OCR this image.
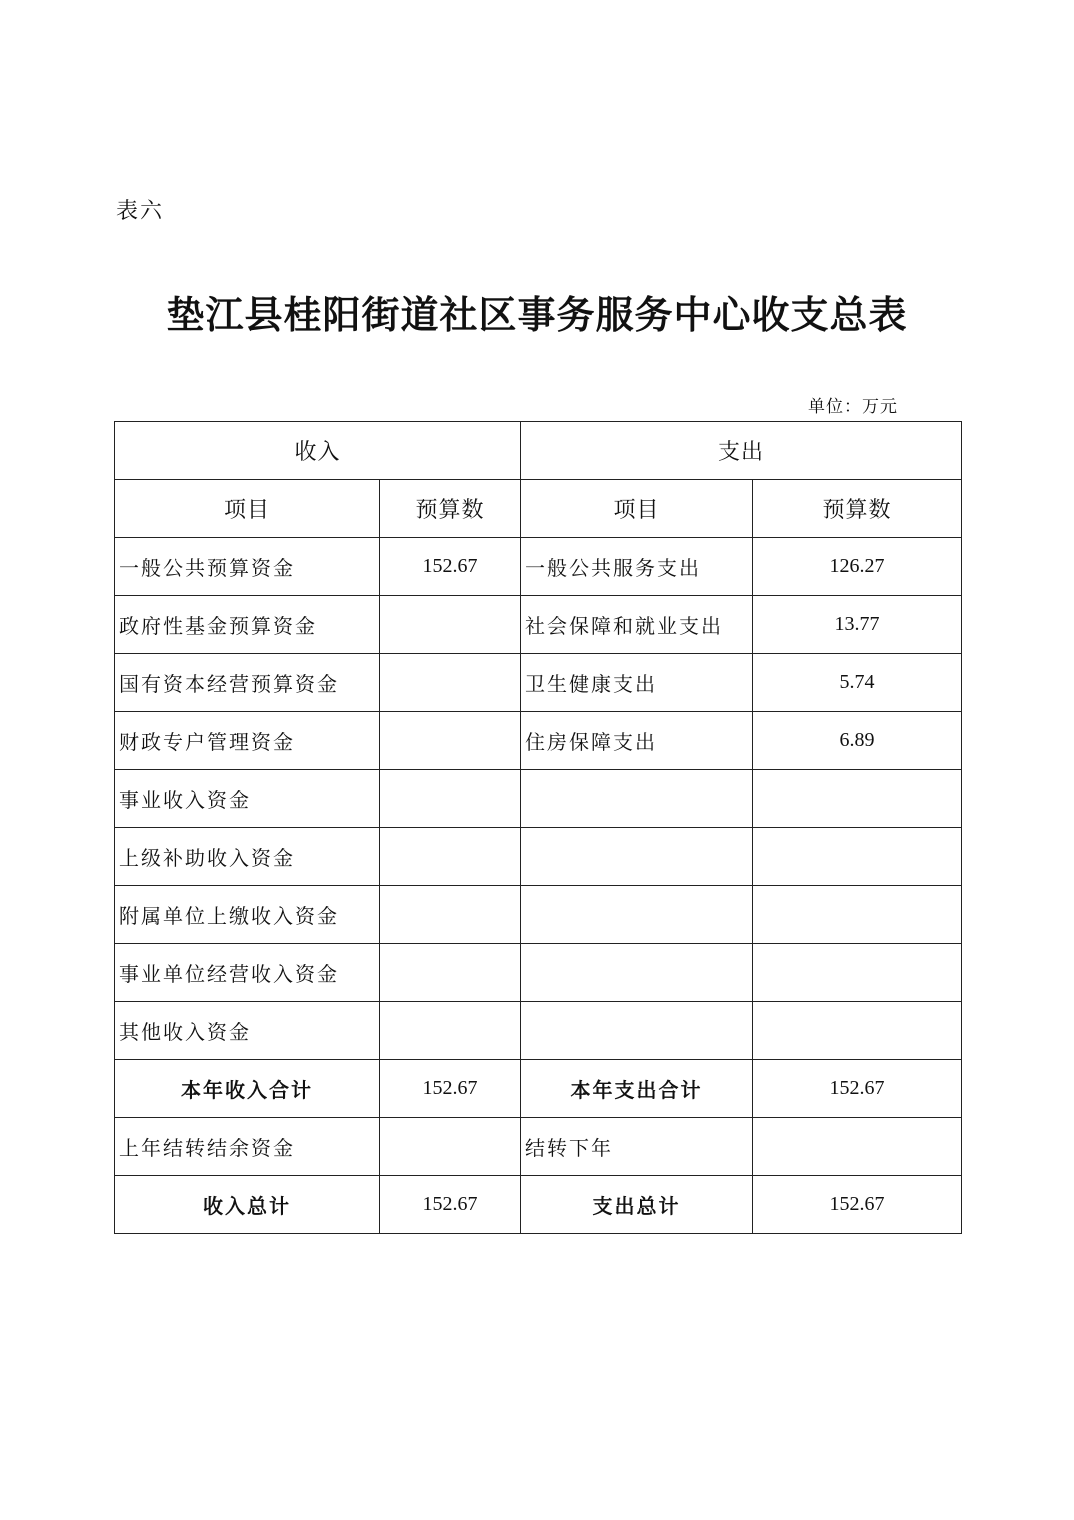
表六
垫江县桂阳街道社区事务服务中心收支总表
单位：万元
收入		支出	
项目	预算数	项目	预算数
一般公共预算资金	152.67	一般公共服务支出	126.27
政府性基金预算资金		社会保障和就业支出	13.77
国有资本经营预算资金		卫生健康支出	5.74
财政专户管理资金		住房保障支出	6.89
事业收入资金			
上级补助收入资金			
附属单位上缴收入资金			
事业单位经营收入资金			
其他收入资金			
本年收入合计	152.67	本年支出合计	152.67
上年结转结余资金		结转下年	
收入总计	152.67	支出总计	152.67
